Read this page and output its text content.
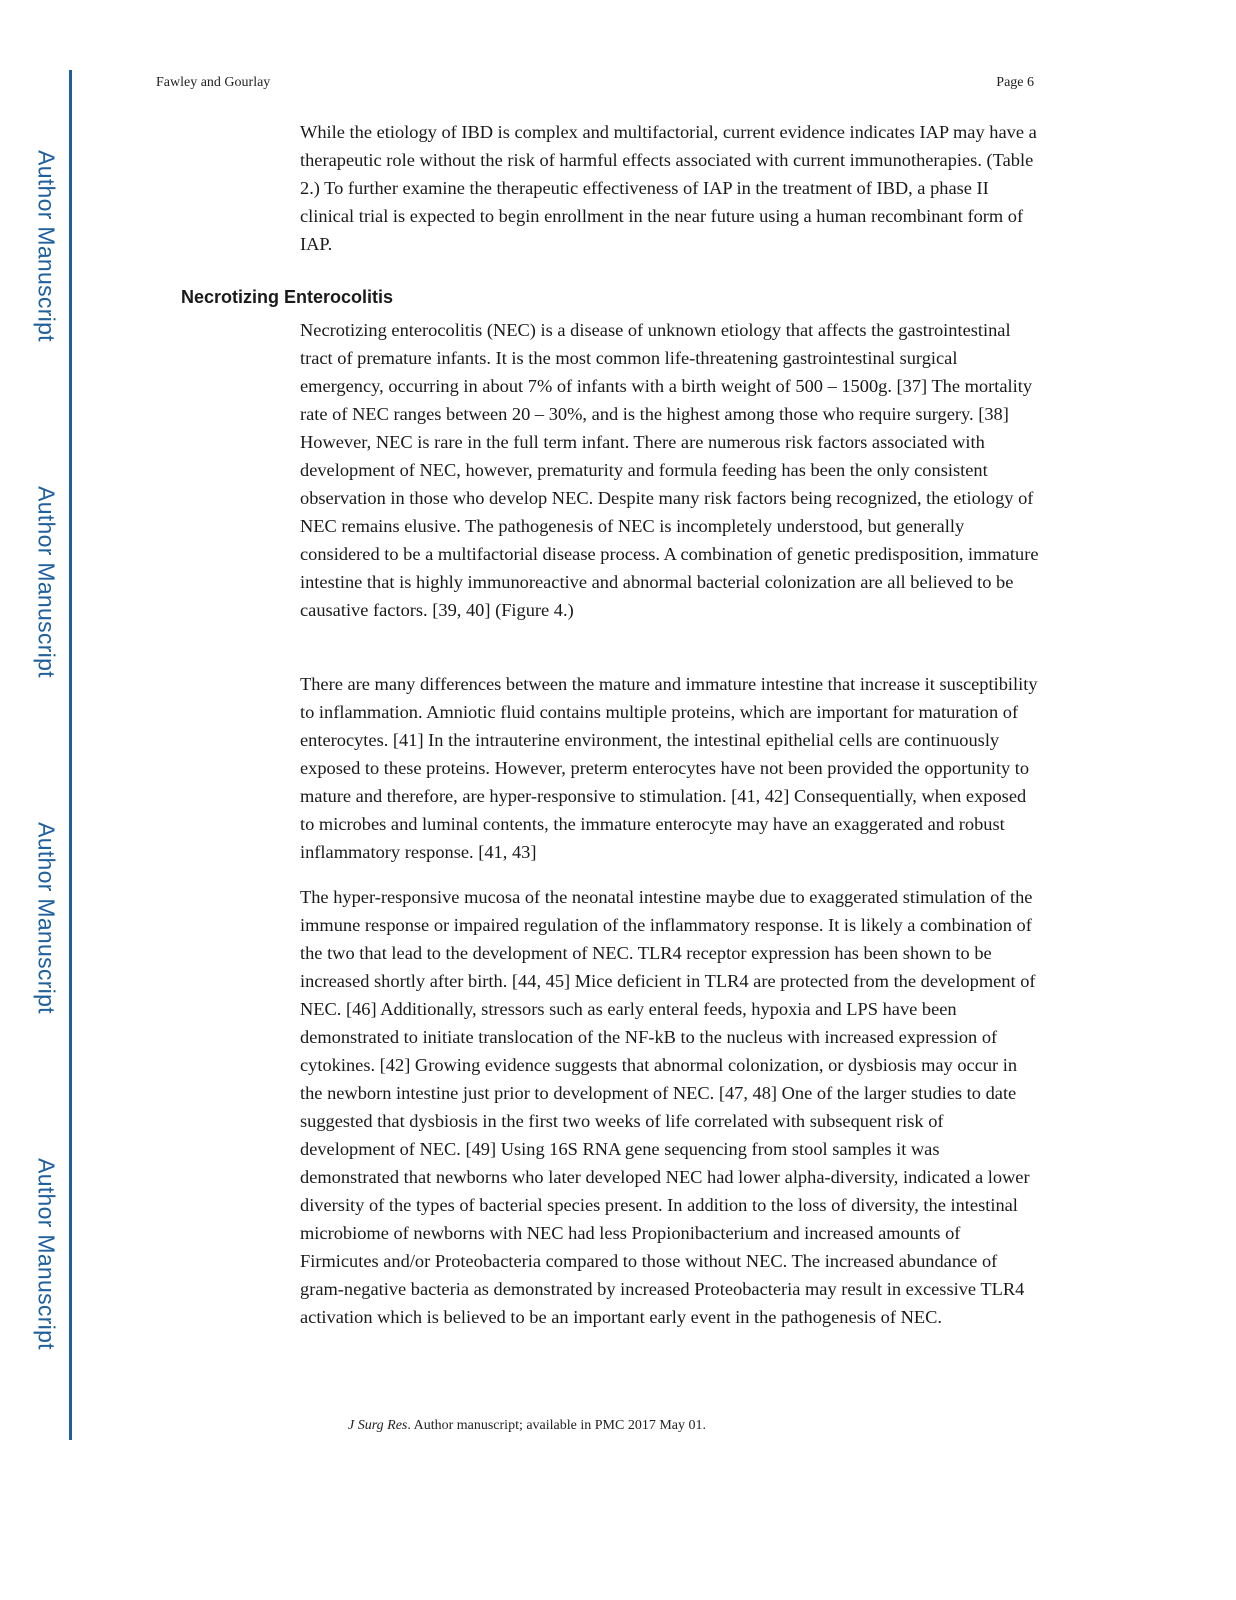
Author Manuscript
Author Manuscript
Author Manuscript
Author Manuscript
Fawley and Gourlay	Page 6

While the etiology of IBD is complex and multifactorial, current evidence indicates IAP may have a therapeutic role without the risk of harmful effects associated with current immunotherapies. (Table 2.) To further examine the therapeutic effectiveness of IAP in the treatment of IBD, a phase II clinical trial is expected to begin enrollment in the near future using a human recombinant form of IAP.

Necrotizing Enterocolitis

Necrotizing enterocolitis (NEC) is a disease of unknown etiology that affects the gastrointestinal tract of premature infants. It is the most common life-threatening gastrointestinal surgical emergency, occurring in about 7% of infants with a birth weight of 500 – 1500g. [37] The mortality rate of NEC ranges between 20 – 30%, and is the highest among those who require surgery. [38] However, NEC is rare in the full term infant. There are numerous risk factors associated with development of NEC, however, prematurity and formula feeding has been the only consistent observation in those who develop NEC. Despite many risk factors being recognized, the etiology of NEC remains elusive. The pathogenesis of NEC is incompletely understood, but generally considered to be a multifactorial disease process. A combination of genetic predisposition, immature intestine that is highly immunoreactive and abnormal bacterial colonization are all believed to be causative factors. [39, 40] (Figure 4.)

There are many differences between the mature and immature intestine that increase it susceptibility to inflammation. Amniotic fluid contains multiple proteins, which are important for maturation of enterocytes. [41] In the intrauterine environment, the intestinal epithelial cells are continuously exposed to these proteins. However, preterm enterocytes have not been provided the opportunity to mature and therefore, are hyper-responsive to stimulation. [41, 42] Consequentially, when exposed to microbes and luminal contents, the immature enterocyte may have an exaggerated and robust inflammatory response. [41, 43]

The hyper-responsive mucosa of the neonatal intestine maybe due to exaggerated stimulation of the immune response or impaired regulation of the inflammatory response. It is likely a combination of the two that lead to the development of NEC. TLR4 receptor expression has been shown to be increased shortly after birth. [44, 45] Mice deficient in TLR4 are protected from the development of NEC. [46] Additionally, stressors such as early enteral feeds, hypoxia and LPS have been demonstrated to initiate translocation of the NF-kB to the nucleus with increased expression of cytokines. [42] Growing evidence suggests that abnormal colonization, or dysbiosis may occur in the newborn intestine just prior to development of NEC. [47, 48] One of the larger studies to date suggested that dysbiosis in the first two weeks of life correlated with subsequent risk of development of NEC. [49] Using 16S RNA gene sequencing from stool samples it was demonstrated that newborns who later developed NEC had lower alpha-diversity, indicated a lower diversity of the types of bacterial species present. In addition to the loss of diversity, the intestinal microbiome of newborns with NEC had less Propionibacterium and increased amounts of Firmicutes and/or Proteobacteria compared to those without NEC. The increased abundance of gram-negative bacteria as demonstrated by increased Proteobacteria may result in excessive TLR4 activation which is believed to be an important early event in the pathogenesis of NEC.

J Surg Res. Author manuscript; available in PMC 2017 May 01.
